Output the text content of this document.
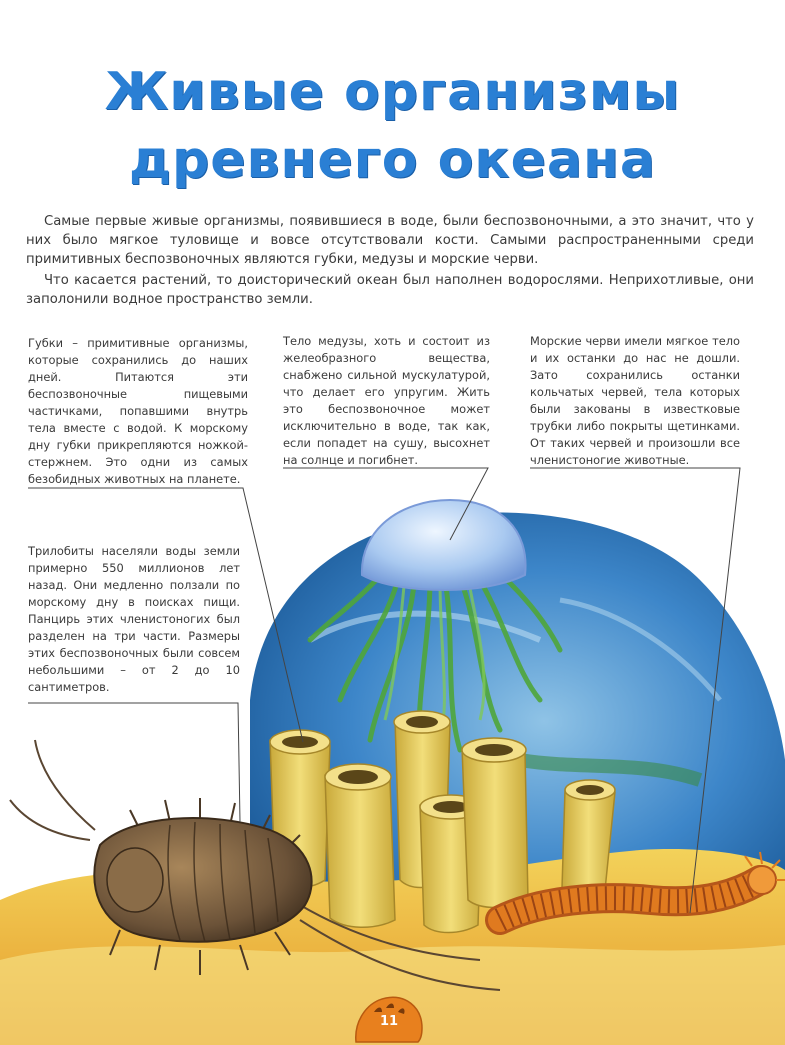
Живые организмы
древнего океана

Самые первые живые организмы, появившиеся в воде, были беспозвоночными, а это значит, что у них было мягкое туловище и вовсе отсутствовали кости. Самыми распространенными среди примитивных беспозвоночных являются губки, медузы и морские черви.

Что касается растений, то доисторический океан был наполнен водорослями. Неприхотливые, они заполонили водное пространство земли.

Губки – примитивные организмы, которые сохранились до наших дней. Питаются эти беспозвоночные пищевыми частичками, попавшими внутрь тела вместе с водой. К морскому дну губки прикрепляются ножкой-стержнем. Это одни из самых безобидных животных на планете.

Тело медузы, хоть и состоит из желеобразного вещества, снабжено сильной мускулатурой, что делает его упругим. Жить это беспозвоночное может исключительно в воде, так как, если попадет на сушу, высохнет на солнце и погибнет.

Морские черви имели мягкое тело и их останки до нас не дошли. Зато сохранились останки кольчатых червей, тела которых были закованы в известковые трубки либо покрыты щетинками. От таких червей и произошли все членистоногие животные.

Трилобиты населяли воды земли примерно 550 миллионов лет назад. Они медленно ползали по морскому дну в поисках пищи. Панцирь этих членистоногих был разделен на три части. Размеры этих беспозвоночных были совсем небольшими – от 2 до 10 сантиметров.

11
